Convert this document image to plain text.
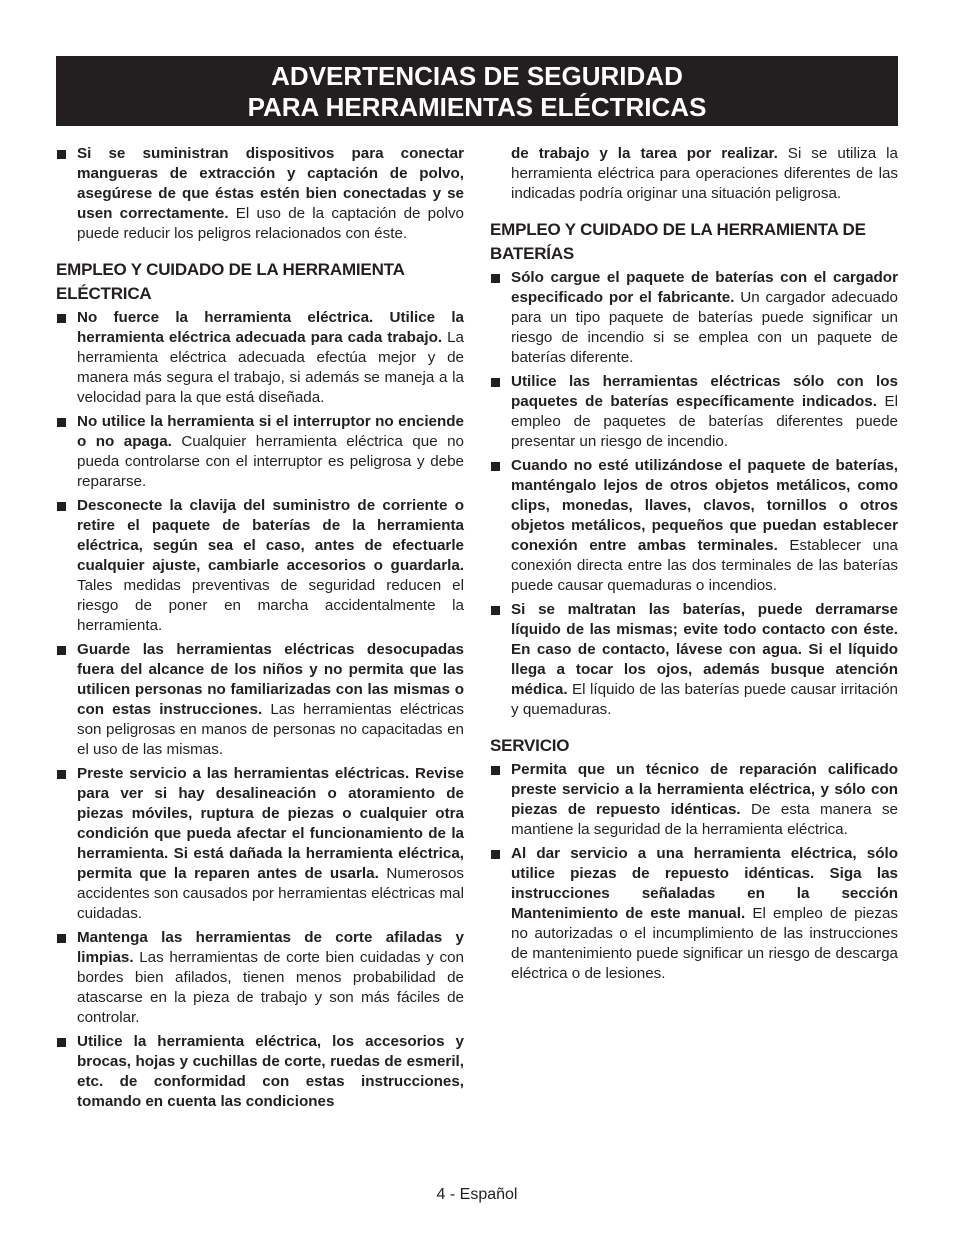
ADVERTENCIAS DE SEGURIDAD
PARA HERRAMIENTAS ELÉCTRICAS
Si se suministran dispositivos para conectar mangueras de extracción y captación de polvo, asegúrese de que éstas estén bien conectadas y se usen correctamente. El uso de la captación de polvo puede reducir los peligros relacionados con éste.
EMPLEO Y CUIDADO DE LA HERRAMIENTA ELÉCTRICA
No fuerce la herramienta eléctrica. Utilice la herramienta eléctrica adecuada para cada trabajo. La herramienta eléctrica adecuada efectúa mejor y de manera más segura el trabajo, si además se maneja a la velocidad para la que está diseñada.
No utilice la herramienta si el interruptor no enciende o no apaga. Cualquier herramienta eléctrica que no pueda controlarse con el interruptor es peligrosa y debe repararse.
Desconecte la clavija del suministro de corriente o retire el paquete de baterías de la herramienta eléctrica, según sea el caso, antes de efectuarle cualquier ajuste, cambiarle accesorios o guardarla. Tales medidas preventivas de seguridad reducen el riesgo de poner en marcha accidentalmente la herramienta.
Guarde las herramientas eléctricas desocupadas fuera del alcance de los niños y no permita que las utilicen personas no familiarizadas con las mismas o con estas instrucciones. Las herramientas eléctricas son peligrosas en manos de personas no capacitadas en el uso de las mismas.
Preste servicio a las herramientas eléctricas. Revise para ver si hay desalineación o atoramiento de piezas móviles, ruptura de piezas o cualquier otra condición que pueda afectar el funcionamiento de la herramienta. Si está dañada la herramienta eléctrica, permita que la reparen antes de usarla. Numerosos accidentes son causados por herramientas eléctricas mal cuidadas.
Mantenga las herramientas de corte afiladas y limpias. Las herramientas de corte bien cuidadas y con bordes bien afilados, tienen menos probabilidad de atascarse en la pieza de trabajo y son más fáciles de controlar.
Utilice la herramienta eléctrica, los accesorios y brocas, hojas y cuchillas de corte, ruedas de esmeril, etc. de conformidad con estas instrucciones, tomando en cuenta las condiciones
de trabajo y la tarea por realizar. Si se utiliza la herramienta eléctrica para operaciones diferentes de las indicadas podría originar una situación peligrosa.
EMPLEO Y CUIDADO DE LA HERRAMIENTA DE BATERÍAS
Sólo cargue el paquete de baterías con el cargador especificado por el fabricante. Un cargador adecuado para un tipo paquete de baterías puede significar un riesgo de incendio si se emplea con un paquete de baterías diferente.
Utilice las herramientas eléctricas sólo con los paquetes de baterías específicamente indicados. El empleo de paquetes de baterías diferentes puede presentar un riesgo de incendio.
Cuando no esté utilizándose el paquete de baterías, manténgalo lejos de otros objetos metálicos, como clips, monedas, llaves, clavos, tornillos o otros objetos metálicos, pequeños que puedan establecer conexión entre ambas terminales. Establecer una conexión directa entre las dos terminales de las baterías puede causar quemaduras o incendios.
Si se maltratan las baterías, puede derramarse líquido de las mismas; evite todo contacto con éste. En caso de contacto, lávese con agua. Si el líquido llega a tocar los ojos, además busque atención médica. El líquido de las baterías puede causar irritación y quemaduras.
SERVICIO
Permita que un técnico de reparación calificado preste servicio a la herramienta eléctrica, y sólo con piezas de repuesto idénticas. De esta manera se mantiene la seguridad de la herramienta eléctrica.
Al dar servicio a una herramienta eléctrica, sólo utilice piezas de repuesto idénticas. Siga las instrucciones señaladas en la sección Mantenimiento de este manual. El empleo de piezas no autorizadas o el incumplimiento de las instrucciones de mantenimiento puede significar un riesgo de descarga eléctrica o de lesiones.
4 - Español
